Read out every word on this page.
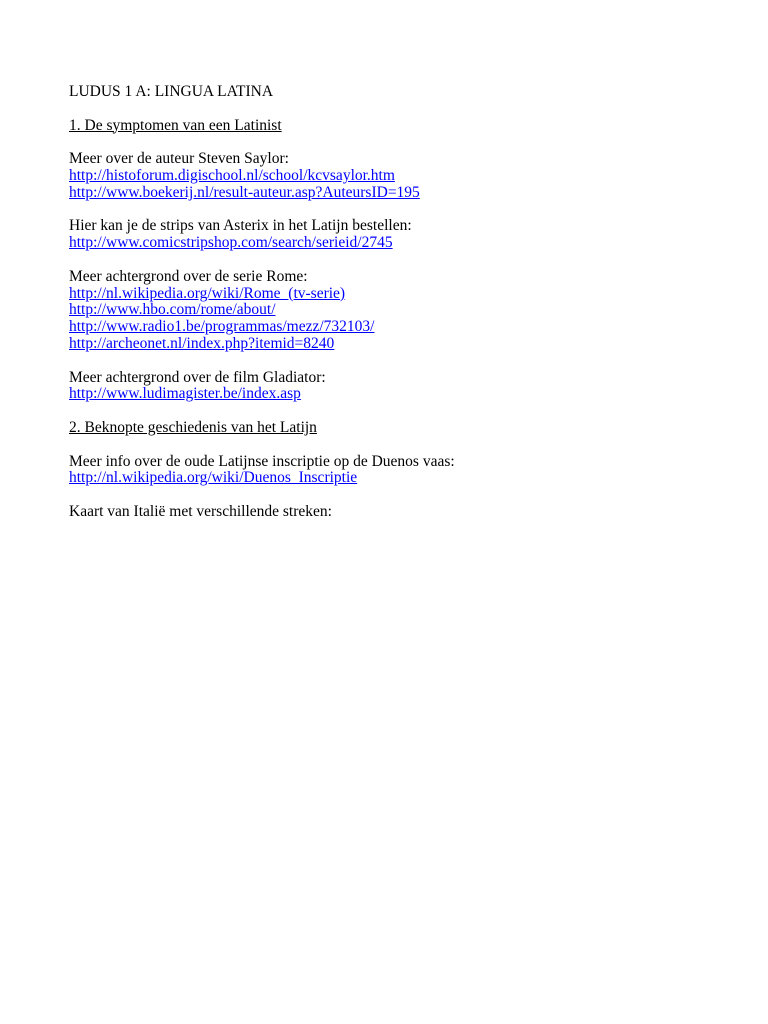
LUDUS 1 A: LINGUA LATINA
1. De symptomen van een Latinist
Meer over de auteur Steven Saylor:
http://histoforum.digischool.nl/school/kcvsaylor.htm
http://www.boekerij.nl/result-auteur.asp?AuteursID=195
Hier kan je de strips van Asterix in het Latijn bestellen:
http://www.comicstripshop.com/search/serieid/2745
Meer achtergrond over de serie Rome:
http://nl.wikipedia.org/wiki/Rome_(tv-serie)
http://www.hbo.com/rome/about/
http://www.radio1.be/programmas/mezz/732103/
http://archeonet.nl/index.php?itemid=8240
Meer achtergrond over de film Gladiator:
http://www.ludimagister.be/index.asp
2. Beknopte geschiedenis van het Latijn
Meer info over de oude Latijnse inscriptie op de Duenos vaas:
http://nl.wikipedia.org/wiki/Duenos_Inscriptie
Kaart van Italië met verschillende streken:
